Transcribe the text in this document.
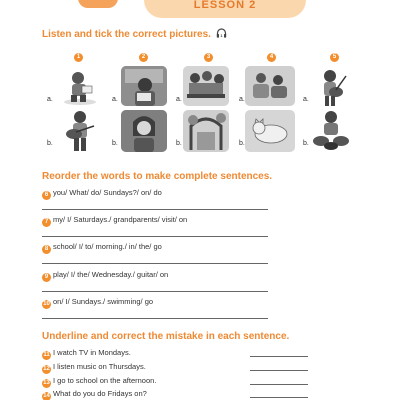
LESSON 2
Listen and tick the correct pictures. 1
1	2	3	4	5
a.	a.	a.	a.	a.
b.	b.	b.	b.	b.
Reorder the words to make complete sentences.
6 you/ What/ do/ Sundays?/ on/ do
7 my/ I/ Saturdays./ grandparents/ visit/ on
8 school/ I/ to/ morning./ in/ the/ go
9 play/ I/ the/ Wednesday./ guitar/ on
10 on/ I/ Sundays./ swimming/ go
Underline and correct the mistake in each sentence.
11 I watch TV in Mondays.
12 I listen music on Thursdays.
13 I go to school on the afternoon.
14 What do you do Fridays on?
